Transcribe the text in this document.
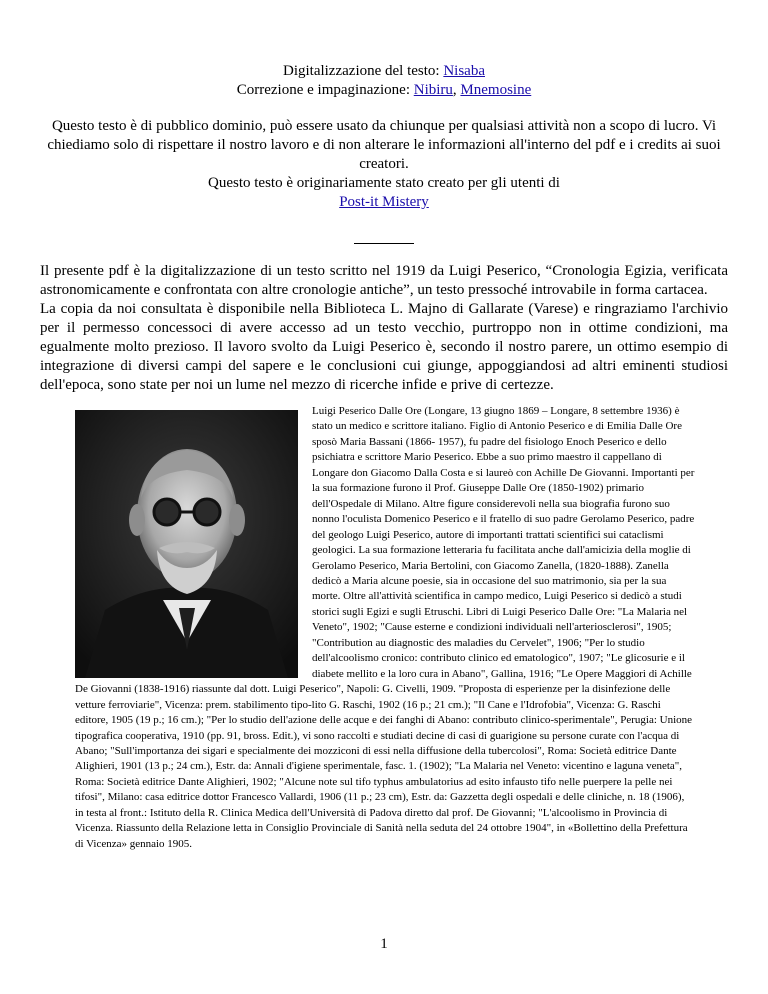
Digitalizzazione del testo: Nisaba
Correzione e impaginazione: Nibiru, Mnemosine
Questo testo è di pubblico dominio, può essere usato da chiunque per qualsiasi attività non a scopo di lucro. Vi chiediamo solo di rispettare il nostro lavoro e di non alterare le informazioni all'interno del pdf e i credits ai suoi creatori.
Questo testo è originariamente stato creato per gli utenti di
Post-it Mistery

Il presente pdf è la digitalizzazione di un testo scritto nel 1919 da Luigi Peserico, “Cronologia Egizia, verificata astronomicamente e confrontata con altre cronologie antiche”, un testo pressoché introvabile in forma cartacea.

La copia da noi consultata è disponibile nella Biblioteca L. Majno di Gallarate (Varese) e ringraziamo l'archivio per il permesso concessoci di avere accesso ad un testo vecchio, purtroppo non in ottime condizioni, ma egualmente molto prezioso. Il lavoro svolto da Luigi Peserico è, secondo il nostro parere, un ottimo esempio di integrazione di diversi campi del sapere e le conclusioni cui giunge, appoggiandosi ad altri eminenti studiosi dell'epoca, sono state per noi un lume nel mezzo di ricerche infide e prive di certezze.

Luigi Peserico Dalle Ore (Longare, 13 giugno 1869 – Longare, 8 settembre 1936) è stato un medico e scrittore italiano. Figlio di Antonio Peserico e di Emilia Dalle Ore sposò Maria Bassani (1866- 1957), fu padre del fisiologo Enoch Peserico e dello psichiatra e scrittore Mario Peserico. Ebbe a suo primo maestro il cappellano di Longare don Giacomo Dalla Costa e si laureò con Achille De Giovanni. Importanti per la sua formazione furono il Prof. Giuseppe Dalle Ore (1850-1902) primario dell'Ospedale di Milano. Altre figure considerevoli nella sua biografia furono suo nonno l'oculista Domenico Peserico e il fratello di suo padre Gerolamo Peserico, padre del geologo Luigi Peserico, autore di importanti trattati scientifici sui cataclismi geologici. La sua formazione letteraria fu facilitata anche dall'amicizia della moglie di Gerolamo Peserico, Maria Bertolini, con Giacomo Zanella, (1820-1888). Zanella dedicò a Maria alcune poesie, sia in occasione del suo matrimonio, sia per la sua morte. Oltre all'attività scientifica in campo medico, Luigi Peserico si dedicò a studi storici sugli Egizi e sugli Etruschi. Libri di Luigi Peserico Dalle Ore: "La Malaria nel Veneto", 1902; "Cause esterne e condizioni individuali nell'arteriosclerosi", 1905; "Contribution au diagnostic des maladies du Cervelet", 1906; "Per lo studio dell'alcoolismo cronico: contributo clinico ed ematologico", 1907; "Le glicosurie e il diabete mellito e la loro cura in Abano", Gallina, 1916; "Le Opere Maggiori di Achille De Giovanni (1838-1916) riassunte dal dott. Luigi Peserico", Napoli: G. Civelli, 1909. "Proposta di esperienze per la disinfezione delle vetture ferroviarie", Vicenza: prem. stabilimento tipo-lito G. Raschi, 1902 (16 p.; 21 cm.); "Il Cane e l'Idrofobia", Vicenza: G. Raschi editore, 1905 (19 p.; 16 cm.); "Per lo studio dell'azione delle acque e dei fanghi di Abano: contributo clinico-sperimentale", Perugia: Unione tipografica cooperativa, 1910 (pp. 91, bross. Edit.), vi sono raccolti e studiati decine di casi di guarigione su persone curate con l'acqua di Abano; "Sull'importanza dei sigari e specialmente dei mozziconi di essi nella diffusione della tubercolosi", Roma: Società editrice Dante Alighieri, 1901 (13 p.; 24 cm.), Estr. da: Annali d'igiene sperimentale, fasc. 1. (1902); "La Malaria nel Veneto: vicentino e laguna veneta", Roma: Società editrice Dante Alighieri, 1902; "Alcune note sul tifo typhus ambulatorius ad esito infausto tifo nelle puerpere la pelle nei tifosi", Milano: casa editrice dottor Francesco Vallardi, 1906 (11 p.; 23 cm), Estr. da: Gazzetta degli ospedali e delle cliniche, n. 18 (1906), in testa al front.: Istituto della R. Clinica Medica dell'Università di Padova diretto dal prof. De Giovanni; "L'alcoolismo in Provincia di Vicenza. Riassunto della Relazione letta in Consiglio Provinciale di Sanità nella seduta del 24 ottobre 1904", in «Bollettino della Prefettura di Vicenza» gennaio 1905.
1
